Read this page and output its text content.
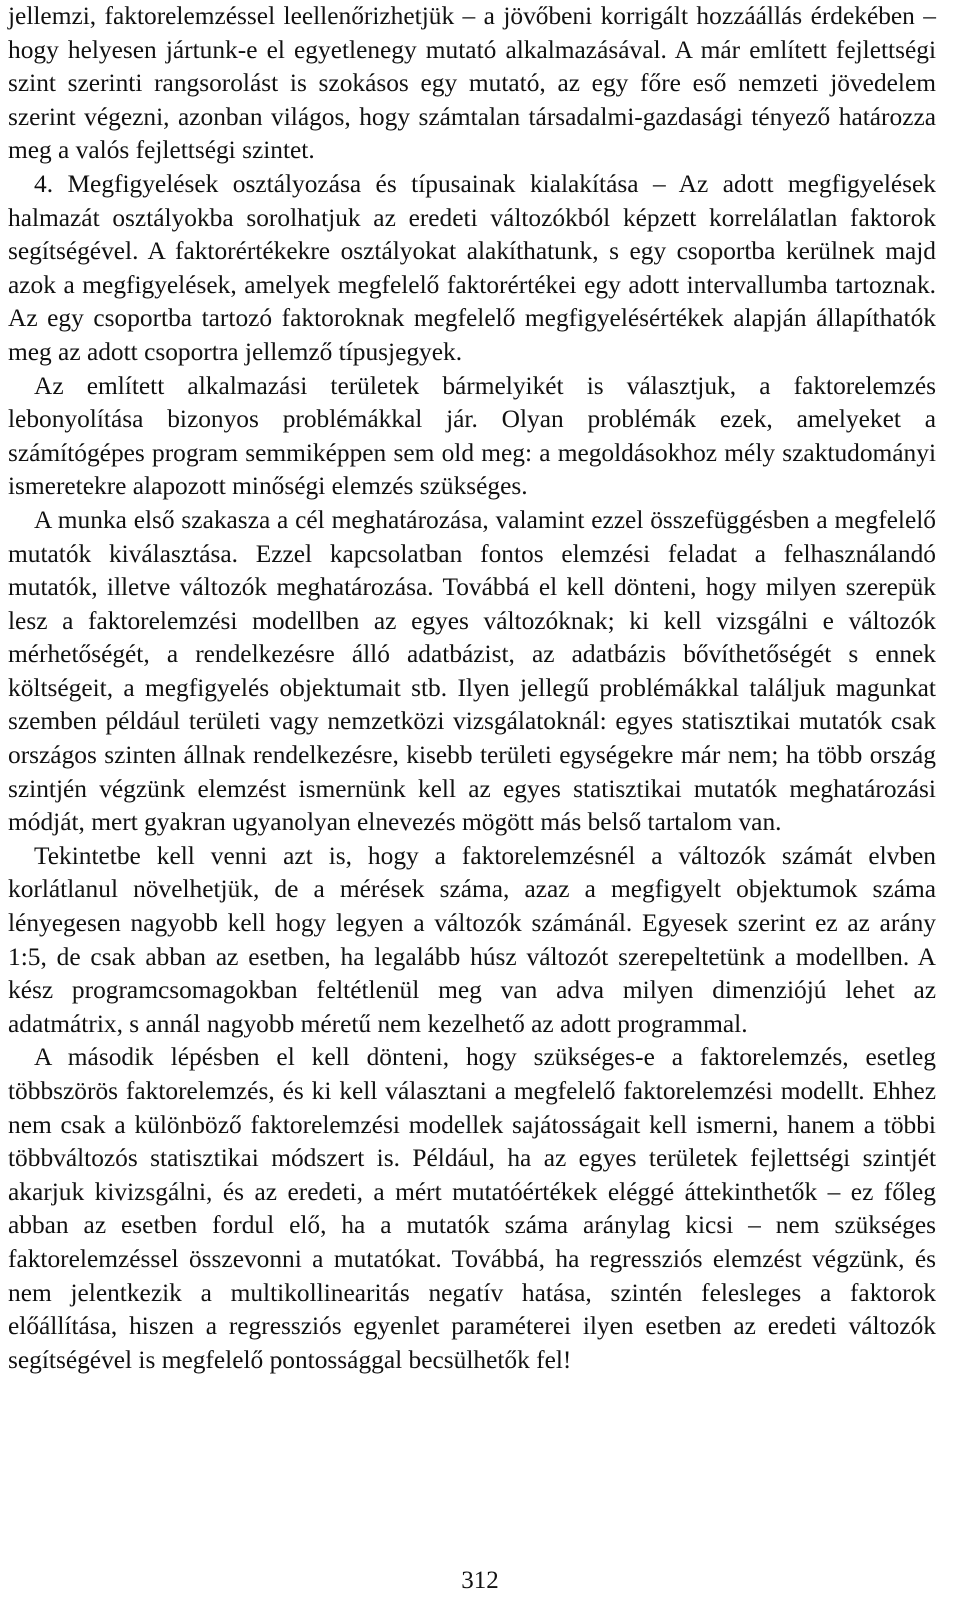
jellemzi, faktorelemzéssel leellenőrizhetjük – a jövőbeni korrigált hozzáállás érdekében – hogy helyesen jártunk-e el egyetlenegy mutató alkalmazásával. A már említett fejlettségi szint szerinti rangsorolást is szokásos egy mutató, az egy főre eső nemzeti jövedelem szerint végezni, azonban világos, hogy számtalan társadalmi-gazdasági tényező határozza meg a valós fejlettségi szintet.

4. Megfigyelések osztályozása és típusainak kialakítása – Az adott megfigyelések halmazát osztályokba sorolhatjuk az eredeti változókból képzett korrelálatlan faktorok segítségével. A faktorértékekre osztályokat alakíthatunk, s egy csoportba kerülnek majd azok a megfigyelések, amelyek megfelelő faktorértékei egy adott intervallumba tartoznak. Az egy csoportba tartozó faktoroknak megfelelő megfigyelésértékek alapján állapíthatók meg az adott csoportra jellemző típusjegyek.

Az említett alkalmazási területek bármelyikét is választjuk, a faktorelemzés lebonyolítása bizonyos problémákkal jár. Olyan problémák ezek, amelyeket a számítógépes program semmiképpen sem old meg: a megoldásokhoz mély szaktudományi ismeretekre alapozott minőségi elemzés szükséges.

A munka első szakasza a cél meghatározása, valamint ezzel összefüggésben a megfelelő mutatók kiválasztása. Ezzel kapcsolatban fontos elemzési feladat a felhasználandó mutatók, illetve változók meghatározása. Továbbá el kell dönteni, hogy milyen szerepük lesz a faktorelemzési modellben az egyes változóknak; ki kell vizsgálni e változók mérhetőségét, a rendelkezésre álló adatbázist, az adatbázis bővíthetőségét s ennek költségeit, a megfigyelés objektumait stb. Ilyen jellegű problémákkal találjuk magunkat szemben például területi vagy nemzetközi vizsgálatoknál: egyes statisztikai mutatók csak országos szinten állnak rendelkezésre, kisebb területi egységekre már nem; ha több ország szintjén végzünk elemzést ismernünk kell az egyes statisztikai mutatók meghatározási módját, mert gyakran ugyanolyan elnevezés mögött más belső tartalom van.

Tekintetbe kell venni azt is, hogy a faktorelemzésnél a változók számát elvben korlátlanul növelhetjük, de a mérések száma, azaz a megfigyelt objektumok száma lényegesen nagyobb kell hogy legyen a változók számánál. Egyesek szerint ez az arány 1:5, de csak abban az esetben, ha legalább húsz változót szerepeltetünk a modellben. A kész programcsomagokban feltétlenül meg van adva milyen dimenziójú lehet az adatmátrix, s annál nagyobb méretű nem kezelhető az adott programmal.

A második lépésben el kell dönteni, hogy szükséges-e a faktorelemzés, esetleg többszörös faktorelemzés, és ki kell választani a megfelelő faktorelemzési modellt. Ehhez nem csak a különböző faktorelemzési modellek sajátosságait kell ismerni, hanem a többi többváltozós statisztikai módszert is. Például, ha az egyes területek fejlettségi szintjét akarjuk kivizsgálni, és az eredeti, a mért mutatóértékek eléggé áttekinthetők – ez főleg abban az esetben fordul elő, ha a mutatók száma aránylag kicsi – nem szükséges faktorelemzéssel összevonni a mutatókat. Továbbá, ha regressziós elemzést végzünk, és nem jelentkezik a multikollinearitás negatív hatása, szintén felesleges a faktorok előállítása, hiszen a regressziós egyenlet paraméterei ilyen esetben az eredeti változók segítségével is megfelelő pontossággal becsülhetők fel!

312
